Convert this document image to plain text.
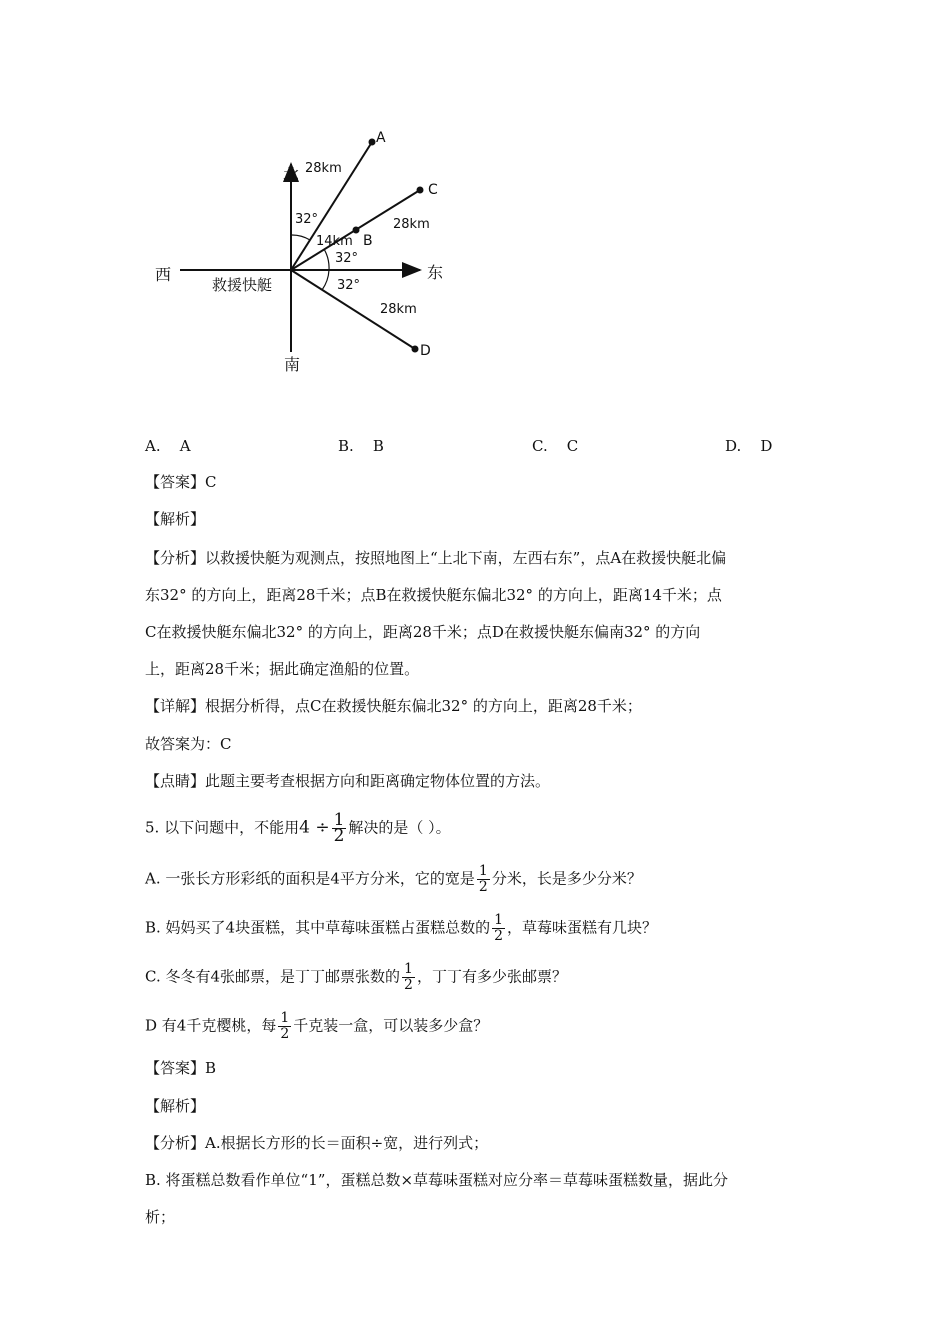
北
南
西	东
救援快艇
A
B
C
D
28km
14km
28km
28km
32°
32°
32°
A. A	B. B	C. C	D. D
【答案】C
【解析】
【分析】以救援快艇为观测点，按照地图上“上北下南，左西右东”，点A在救援快艇北偏
东32° 的方向上，距离28千米；点B在救援快艇东偏北32° 的方向上，距离14千米；点
C在救援快艇东偏北32° 的方向上，距离28千米；点D在救援快艇东偏南32° 的方向
上，距离28千米；据此确定渔船的位置。
【详解】根据分析得，点C在救援快艇东偏北32° 的方向上，距离28千米；
故答案为：C
【点睛】此题主要考查根据方向和距离确定物体位置的方法。
5. 以下问题中，不能用$4 \div \frac{1}{2}$ 解决的是（ ）。
A. 一张长方形彩纸的面积是4平方分米，它的宽是 $\frac{1}{2}$ 分米，长是多少分米？
B. 妈妈买了4块蛋糕，其中草莓味蛋糕占蛋糕总数的 $\frac{1}{2}$ ，草莓味蛋糕有几块？
C. 冬冬有4张邮票，是丁丁邮票张数的 $\frac{1}{2}$ ，丁丁有多少张邮票？
D 有4千克樱桃，每 $\frac{1}{2}$ 千克装一盒，可以装多少盒？
【答案】B
【解析】
【分析】A.根据长方形的长＝面积÷宽，进行列式；
B. 将蛋糕总数看作单位“1”，蛋糕总数×草莓味蛋糕对应分率＝草莓味蛋糕数量，据此分
析；
